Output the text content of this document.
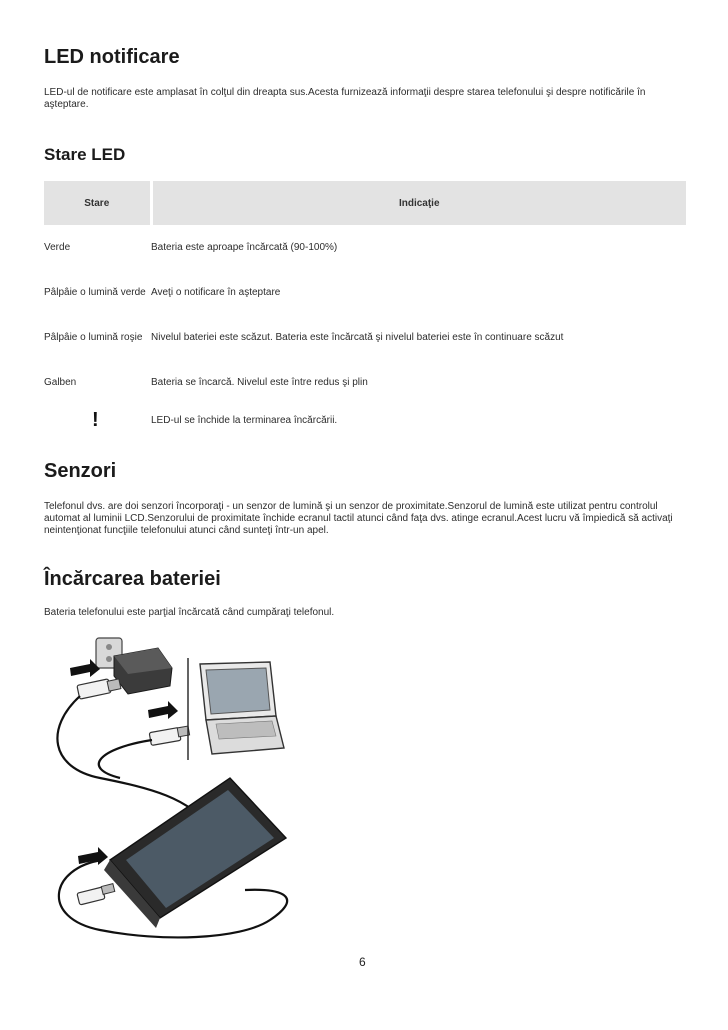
LED notificare

LED-ul de notificare este amplasat în colţul din dreapta sus.Acesta furnizează informaţii despre starea telefonului şi despre notificările în aşteptare.

Stare LED
Stare	Indicaţie
Verde	Bateria este aproape încărcată (90-100%)
Pâlpâie o lumină verde	Aveţi o notificare în aşteptare
Pâlpâie o lumină roşie	Nivelul bateriei este scăzut. Bateria este încărcată şi nivelul bateriei este în continuare scăzut
Galben	Bateria se încarcă. Nivelul este între redus şi plin
!	LED-ul se închide la terminarea încărcării.
Senzori

Telefonul dvs. are doi senzori încorporaţi - un senzor de lumină şi un senzor de proximitate.Senzorul de lumină este utilizat pentru controlul automat al luminii LCD.Senzorului de proximitate închide ecranul tactil atunci când faţa dvs. atinge ecranul.Acest lucru vă împiedică să activaţi neintenţionat funcţiile telefonului atunci când sunteţi într-un apel.

Încărcarea bateriei

Bateria telefonului este parţial încărcată când cumpăraţi telefonul.

6
